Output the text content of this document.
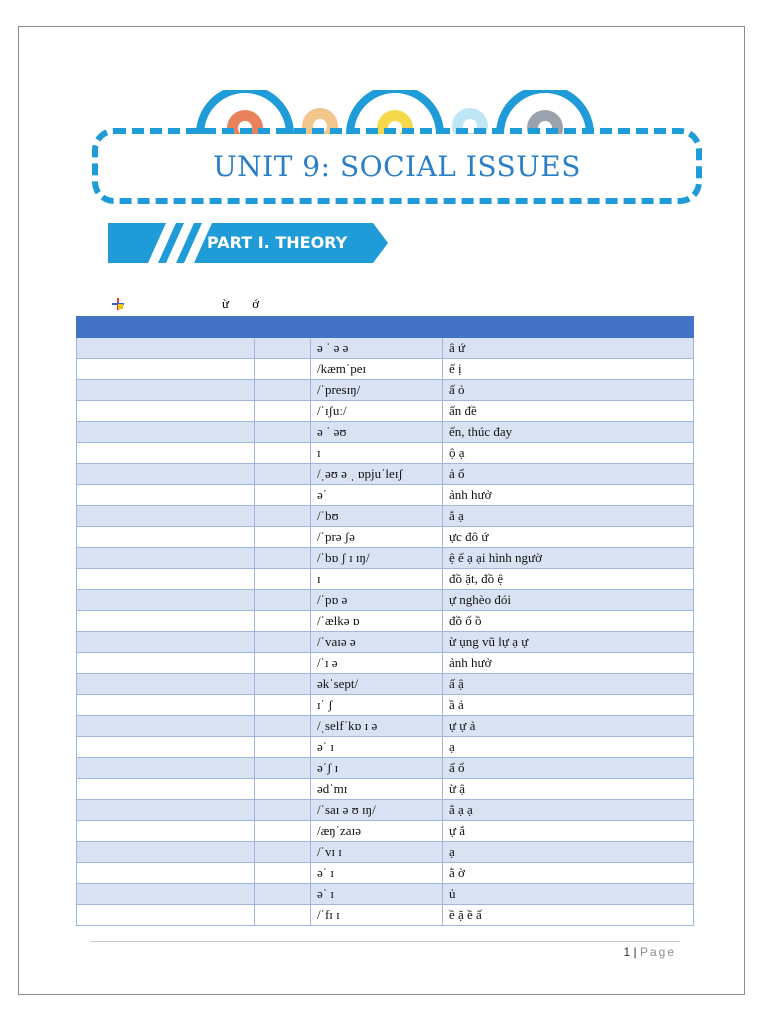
UNIT 9: SOCIAL ISSUES
PART I. THEORY
ừ ớ

		ə ˈ ə ə	â ứ
		/kæmˈpeɪ	ế ị
		/ˈpresɪŋ/	ấ ỏ
		/ˈɪʃuː/	ấn đề
		ə ˈ əʊ	ến, thúc đay
		ɪ	ộ ạ
		/ˌəʊ ə ˌ ɒpjuˈleɪʃ	ả ố
		əˈ	ảnh hưở
		/ˈbʊ	ắ ạ
		/ˈprə ʃə	ực đô ứ
		/ˈbɒ ʃ ɪ ɪŋ/	ệ ế ạ ại hình ngườ
		ɪ	đồ ặt, đồ ệ
		/ˈpɒ ə	ự nghèo đói
		/ˈælkə ɒ	đồ ố ồ
		/ˈvaɪə ə	ừ ụng vũ lự ạ ự
		/ˈɪ ə	ảnh hưở
		əkˈsept/	ấ ậ
		ɪˈ ʃ	ầ ả
		/ˌselfˈkɒ ɪ ə	ự ự ả
		əˈ ɪ	ạ
		əˈʃ ɪ	ấ ổ
		ədˈmɪ	ừ ậ
		/ˈsaɪ ə ʊ ɪŋ/	ắ ạ ạ
		/æŋˈzaɪə	ự ắ
		/ˈvɪ ɪ	ạ
		əˈ ɪ	ằ ờ
		əˈ ɪ	ủ
		/ˈfɪ ɪ	ề ặ ề ấ
1 | Page
